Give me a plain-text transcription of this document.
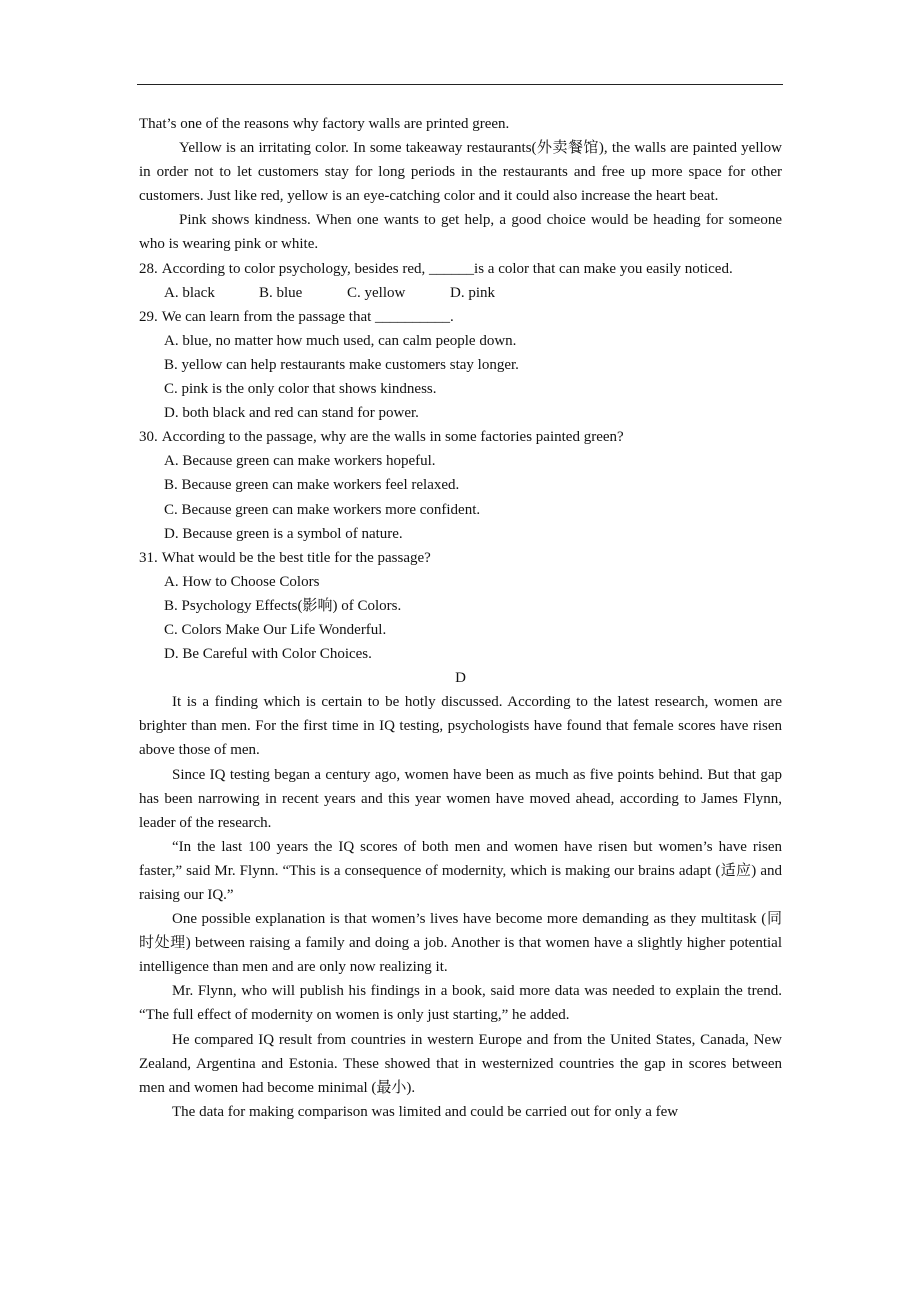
That’s one of the reasons why factory walls are printed green.

Yellow is an irritating color. In some takeaway restaurants(外卖餐馆), the walls are painted yellow in order not to let customers stay for long periods in the restaurants and free up more space for other customers. Just like red, yellow is an eye-catching color and it could also increase the heart beat.

Pink shows kindness. When one wants to get help, a good choice would be heading for someone who is wearing pink or white.

28. According to color psychology, besides red, ______is a color that can make you easily noticed.
A. black	B. blue	C. yellow	D. pink
29. We can learn from the passage that __________.
A. blue, no matter how much used, can calm people down.
B. yellow can help restaurants make customers stay longer.
C. pink is the only color that shows kindness.
D. both black and red can stand for power.
30. According to the passage, why are the walls in some factories painted green?
A. Because green can make workers hopeful.
B. Because green can make workers feel relaxed.
C. Because green can make workers more confident.
D. Because green is a symbol of nature.
31. What would be the best title for the passage?
A. How to Choose Colors
B. Psychology Effects(影响) of Colors.
C. Colors Make Our Life Wonderful.
D. Be Careful with Color Choices.

D

It is a finding which is certain to be hotly discussed. According to the latest research, women are brighter than men. For the first time in IQ testing, psychologists have found that female scores have risen above those of men.

Since IQ testing began a century ago, women have been as much as five points behind. But that gap has been narrowing in recent years and this year women have moved ahead, according to James Flynn, leader of the research.

“In the last 100 years the IQ scores of both men and women have risen but women’s have risen faster,” said Mr. Flynn. “This is a consequence of modernity, which is making our brains adapt (适应) and raising our IQ.”

One possible explanation is that women’s lives have become more demanding as they multitask (同时处理) between raising a family and doing a job. Another is that women have a slightly higher potential intelligence than men and are only now realizing it.

Mr. Flynn, who will publish his findings in a book, said more data was needed to explain the trend. “The full effect of modernity on women is only just starting,” he added.

He compared IQ result from countries in western Europe and from the United States, Canada, New Zealand, Argentina and Estonia. These showed that in westernized countries the gap in scores between men and women had become minimal (最小).

The data for making comparison was limited and could be carried out for only a few
